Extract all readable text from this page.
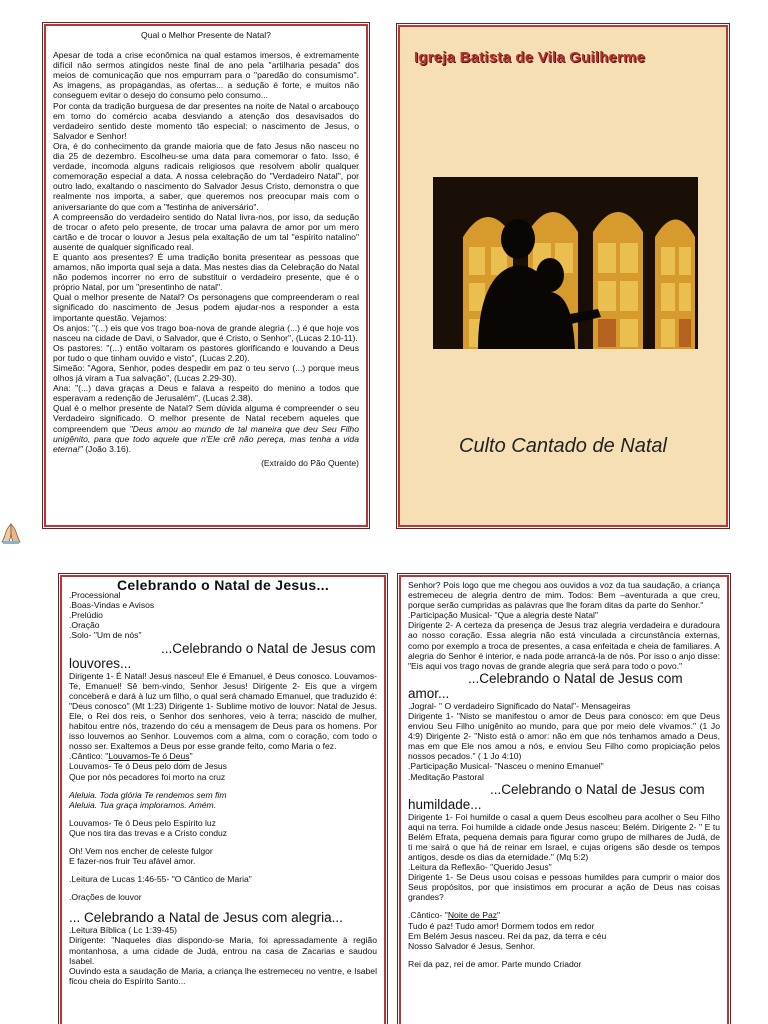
Qual o Melhor Presente de Natal?

Apesar de toda a crise econômica na qual estamos imersos, é extremamente difícil não sermos atingidos neste final de ano pela "artilharia pesada" dos meios de comunicação que nos empurram para o "paredão do consumismo". As imagens, as propagandas, as ofertas... a sedução é forte, e muitos não conseguem evitar o desejo do consumo pelo consumo...

Por conta da tradição burguesa de dar presentes na noite de Natal o arcabouço em torno do comércio acaba desviando a atenção dos desavisados do verdadeiro sentido deste momento tão especial: o nascimento de Jesus, o Salvador e Senhor!

Ora, é do conhecimento da grande maioria que de fato Jesus não nasceu no dia 25 de dezembro. Escolheu-se uma data para comemorar o fato. Isso, é verdade, incomoda alguns radicais religiosos que resolvem abolir qualquer comemoração especial a data. A nossa celebração do "Verdadeiro Natal", por outro lado, exaltando o nascimento do Salvador Jesus Cristo, demonstra o que realmente nos importa, a saber, que queremos nos preocupar mais com o aniversariante do que com a "festinha de aniversário".

A compreensão do verdadeiro sentido do Natal livra-nos, por isso, da sedução de trocar o afeto pelo presente, de trocar uma palavra de amor por um mero cartão e de trocar o louvor a Jesus pela exaltação de um tal "espírito natalino" ausente de qualquer significado real.

E quanto aos presentes? É uma tradição bonita presentear as pessoas que amamos, não importa qual seja a data. Mas nestes dias da Celebração do Natal não podemos incorrer no erro de substituir o verdadeiro presente, que é o próprio Natal, por um "presentinho de natal".

Qual o melhor presente de Natal? Os personagens que compreenderam o real significado do nascimento de Jesus podem ajudar-nos a responder a esta importante questão. Vejamos:

Os anjos: "(...) eis que vos trago boa-nova de grande alegria (...) é que hoje vos nasceu na cidade de Davi, o Salvador, que é Cristo, o Senhor", (Lucas 2.10-11).

Os pastores: "(...) então voltaram os pastores glorificando e louvando a Deus por tudo o que tinham ouvido e visto", (Lucas 2.20).

Simeão: "Agora, Senhor, podes despedir em paz o teu servo (...) porque meus olhos já viram a Tua salvação", (Lucas 2.29-30).

Ana: "(...) dava graças a Deus e falava a respeito do menino a todos que esperavam a redenção de Jerusalém", (Lucas 2.38).

Qual é o melhor presente de Natal? Sem dúvida alguma é compreender o seu Verdadeiro significado. O melhor presente de Natal recebem aqueles que compreendem que "Deus amou ao mundo de tal maneira que deu Seu Filho unigênito, para que todo aquele que n'Ele crê não pereça, mas tenha a vida eterna!" (João 3.16).

(Extraído do Pão Quente)
Igreja Batista de Vila Guilherme
Culto Cantado de Natal
Celebrando o Natal de Jesus...

.Processional

.Boas-Vindas e Avisos

.Prelúdio

.Oração

.Solo- "Um de nós"

...Celebrando o Natal de Jesus com louvores...

Dirigente 1- É Natal! Jesus nasceu! Ele é Emanuel, é Deus conosco. Louvamos-Te, Emanuel! Sê bem-vindo, Senhor Jesus! Dirigente 2- Eis que a virgem conceberá e dará à luz um filho, o qual será chamado Emanuel, que traduzido é: "Deus conosco" (Mt 1:23) Dirigente 1- Sublime motivo de louvor: Natal de Jesus. Ele, o Rei dos reis, o Senhor dos senhores, veio à terra; nascido de mulher, habitou entre nós, trazendo do céu a mensagem de Deus para os homens. Por isso louvemos ao Senhor. Louvemos com a alma, com o coração, com todo o nosso ser. Exaltemos a Deus por esse grande feito, como Maria o fez.

.Cântico: "Louvamos-Te ó Deus"

Louvamos- Te ó Deus pelo dom de Jesus

Que por nós pecadores foi morto na cruz

Aleluia. Toda glória Te rendemos sem fim

Aleluia. Tua graça imploramos. Amém.

Louvamos- Te ó Deus pelo Espírito luz

Que nos tira das trevas e a Cristo conduz

Oh! Vem nos encher de celeste fulgor

E fazer-nos fruir Teu afável amor.

.Leitura de Lucas 1:46-55- "O Cântico de Maria"

.Orações de louvor

... Celebrando a Natal de Jesus com alegria...

.Leitura Bíblica ( Lc 1:39-45)

Dirigente: "Naqueles dias dispondo-se Maria, foi apressadamente à região montanhosa, a uma cidade de Judá, entrou na casa de Zacarias e saudou Isabel.

Ouvindo esta a saudação de Maria, a criança lhe estremeceu no ventre, e Isabel ficou cheia do Espírito Santo...

Senhor? Pois logo que me chegou aos ouvidos a voz da tua saudação, a criança estremeceu de alegria dentro de mim. Todos: Bem –aventurada a que creu, porque serão cumpridas as palavras que lhe foram ditas da parte do Senhor."

.Participação Musical- "Que a alegria deste Natal"

Dirigente 2- A certeza da presença de Jesus traz alegria verdadeira e duradoura ao nosso coração. Essa alegria não está vinculada a circunstância externas, como por exemplo a troca de presentes, a casa enfeitada e cheia de familiares. A alegria do Senhor é interior, e nada pode arrancá-la de nós. Por isso o anjo disse: "Eis aqui vos trago novas de grande alegria que será para todo o povo."

...Celebrando o Natal de Jesus com amor...

.Jogral- " O verdadeiro Significado do Natal"- Mensageiras

Dirigente 1- "Nisto se manifestou o amor de Deus para conosco: em que Deus enviou Seu Filho unigênito ao mundo, para que por meio dele vivamos." (1 Jo 4:9) Dirigente 2- "Nisto está o amor: não em que nós tenhamos amado a Deus, mas em que Ele nos amou a nós, e enviou Seu Filho como propiciação pelos nossos pecados." ( 1 Jo 4:10)

.Participação Musical- "Nasceu o menino Emanuel"

.Meditação Pastoral

...Celebrando o Natal de Jesus com humildade...

Dirigente 1- Foi humilde o casal a quem Deus escolheu para acolher o Seu Filho aqui na terra. Foi humilde a cidade onde Jesus nasceu: Belém. Dirigente 2- " E tu Belém Efrata, pequena demais para figurar como grupo de milhares de Judá, de ti me sairá o que há de reinar em Israel, e cujas origens são desde os tempos antigos, desde os dias da eternidade." (Mq 5:2)

.Leitura da Reflexão- "Querido Jesus"

Dirigente 1- Se Deus usou coisas e pessoas humildes para cumprir o maior dos Seus propósitos, por que insistimos em procurar a ação de Deus nas coisas grandes?

.Cântico- "Noite de Paz"

Tudo é paz! Tudo amor! Dormem todos em redor

Em Belém Jesus nasceu. Rei da paz, da terra e céu

Nosso Salvador é Jesus, Senhor.

Rei da paz, rei de amor. Parte mundo Criador
